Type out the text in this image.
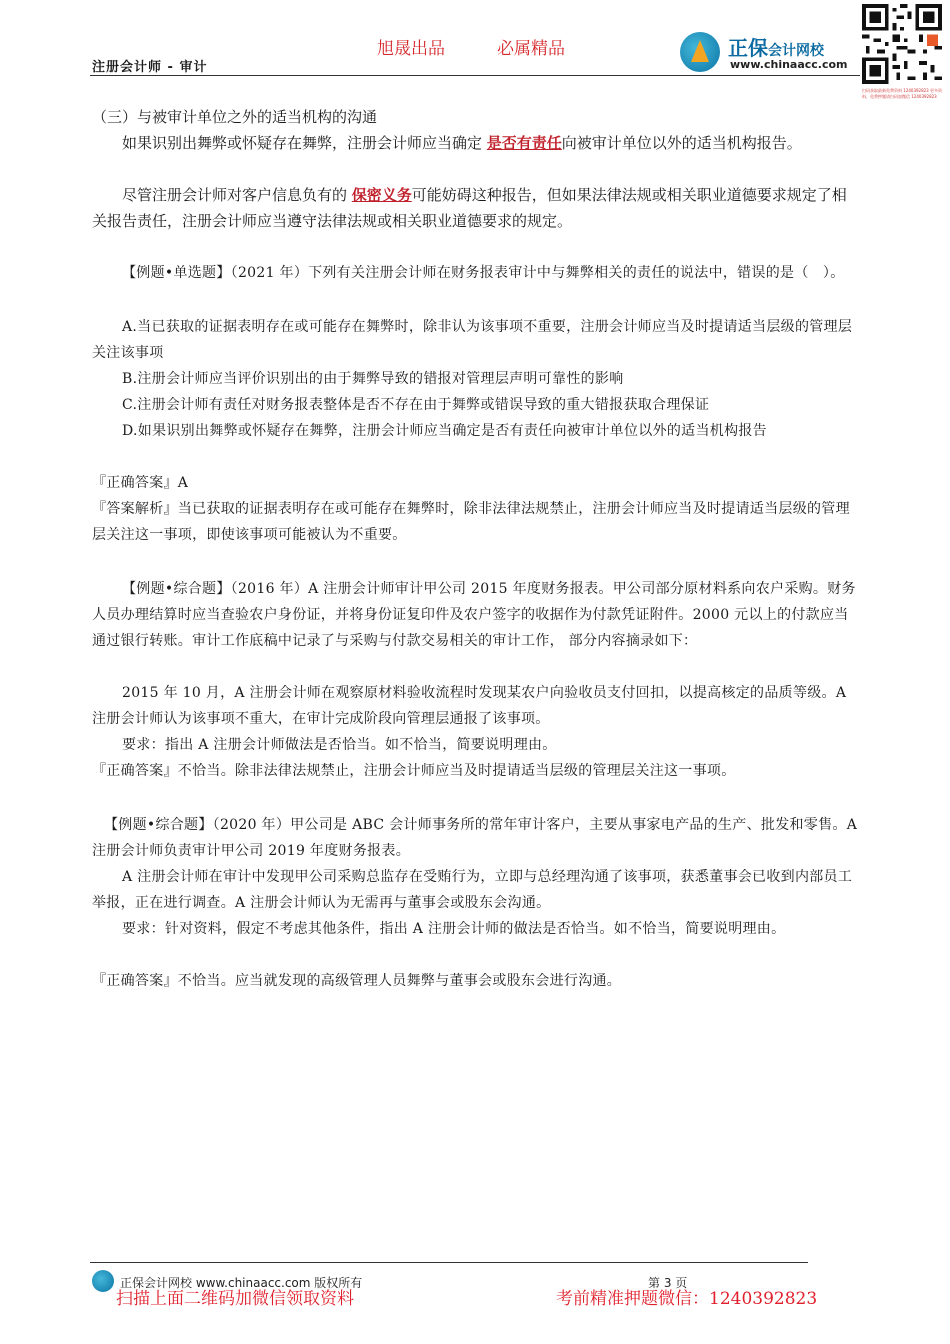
旭晟出品	必属精品
注册会计师 - 审计
正保会计网校
www.chinaacc.com
扫码获取最新免费资料 1240392823 更多资料，免费押题请扫码加微信 1240392823
（三）与被审计单位之外的适当机构的沟通
如果识别出舞弊或怀疑存在舞弊，注册会计师应当确定 是否有责任向被审计单位以外的适当机构报告。
尽管注册会计师对客户信息负有的 保密义务可能妨碍这种报告，但如果法律法规或相关职业道德要求规定了相关报告责任，注册会计师应当遵守法律法规或相关职业道德要求的规定。
【例题•单选题】（2021 年）下列有关注册会计师在财务报表审计中与舞弊相关的责任的说法中，错误的是（　）。
A.当已获取的证据表明存在或可能存在舞弊时，除非认为该事项不重要，注册会计师应当及时提请适当层级的管理层关注该事项
B.注册会计师应当评价识别出的由于舞弊导致的错报对管理层声明可靠性的影响
C.注册会计师有责任对财务报表整体是否不存在由于舞弊或错误导致的重大错报获取合理保证
D.如果识别出舞弊或怀疑存在舞弊，注册会计师应当确定是否有责任向被审计单位以外的适当机构报告
『正确答案』A
『答案解析』当已获取的证据表明存在或可能存在舞弊时，除非法律法规禁止，注册会计师应当及时提请适当层级的管理层关注这一事项，即使该事项可能被认为不重要。
【例题•综合题】（2016 年）A 注册会计师审计甲公司 2015 年度财务报表。甲公司部分原材料系向农户采购。财务人员办理结算时应当查验农户身份证，并将身份证复印件及农户签字的收据作为付款凭证附件。2000 元以上的付款应当通过银行转账。审计工作底稿中记录了与采购与付款交易相关的审计工作， 部分内容摘录如下：
2015 年 10 月，A 注册会计师在观察原材料验收流程时发现某农户向验收员支付回扣，以提高核定的品质等级。A 注册会计师认为该事项不重大，在审计完成阶段向管理层通报了该事项。
要求：指出 A 注册会计师做法是否恰当。如不恰当，简要说明理由。
『正确答案』不恰当。除非法律法规禁止，注册会计师应当及时提请适当层级的管理层关注这一事项。
【例题•综合题】（2020 年）甲公司是 ABC 会计师事务所的常年审计客户，主要从事家电产品的生产、批发和零售。A 注册会计师负责审计甲公司 2019 年度财务报表。
A 注册会计师在审计中发现甲公司采购总监存在受贿行为，立即与总经理沟通了该事项，获悉董事会已收到内部员工举报，正在进行调查。A 注册会计师认为无需再与董事会或股东会沟通。
要求：针对资料，假定不考虑其他条件，指出 A 注册会计师的做法是否恰当。如不恰当，简要说明理由。
『正确答案』不恰当。应当就发现的高级管理人员舞弊与董事会或股东会进行沟通。
正保会计网校 www.chinaacc.com 版权所有	第 3 页
扫描上面二维码加微信领取资料	考前精准押题微信：1240392823
